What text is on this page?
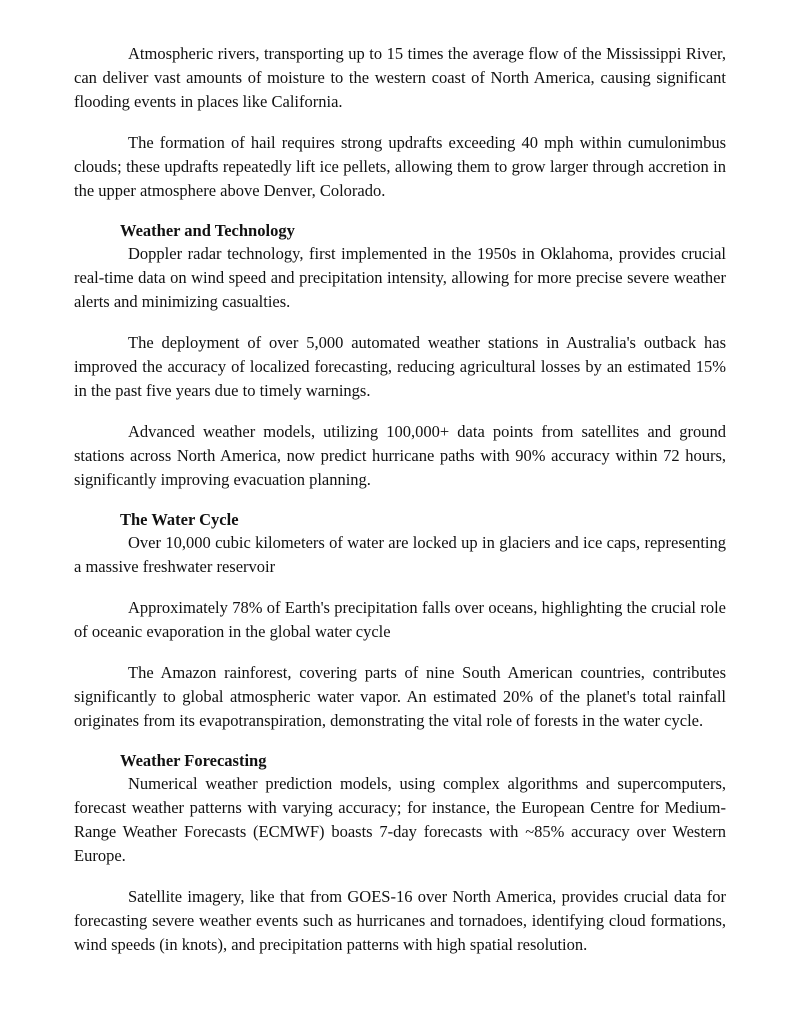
Atmospheric rivers, transporting up to 15 times the average flow of the Mississippi River, can deliver vast amounts of moisture to the western coast of North America, causing significant flooding events in places like California.

The formation of hail requires strong updrafts exceeding 40 mph within cumulonimbus clouds; these updrafts repeatedly lift ice pellets, allowing them to grow larger through accretion in the upper atmosphere above Denver, Colorado.

Weather and Technology

Doppler radar technology, first implemented in the 1950s in Oklahoma, provides crucial real-time data on wind speed and precipitation intensity, allowing for more precise severe weather alerts and minimizing casualties.

The deployment of over 5,000 automated weather stations in Australia's outback has improved the accuracy of localized forecasting, reducing agricultural losses by an estimated 15% in the past five years due to timely warnings.

Advanced weather models, utilizing 100,000+ data points from satellites and ground stations across North America, now predict hurricane paths with 90% accuracy within 72 hours, significantly improving evacuation planning.

The Water Cycle

Over 10,000 cubic kilometers of water are locked up in glaciers and ice caps, representing a massive freshwater reservoir

Approximately 78% of Earth's precipitation falls over oceans, highlighting the crucial role of oceanic evaporation in the global water cycle

The Amazon rainforest, covering parts of nine South American countries, contributes significantly to global atmospheric water vapor. An estimated 20% of the planet's total rainfall originates from its evapotranspiration, demonstrating the vital role of forests in the water cycle.

Weather Forecasting

Numerical weather prediction models, using complex algorithms and supercomputers, forecast weather patterns with varying accuracy; for instance, the European Centre for Medium-Range Weather Forecasts (ECMWF) boasts 7-day forecasts with ~85% accuracy over Western Europe.

Satellite imagery, like that from GOES-16 over North America, provides crucial data for forecasting severe weather events such as hurricanes and tornadoes, identifying cloud formations, wind speeds (in knots), and precipitation patterns with high spatial resolution.
